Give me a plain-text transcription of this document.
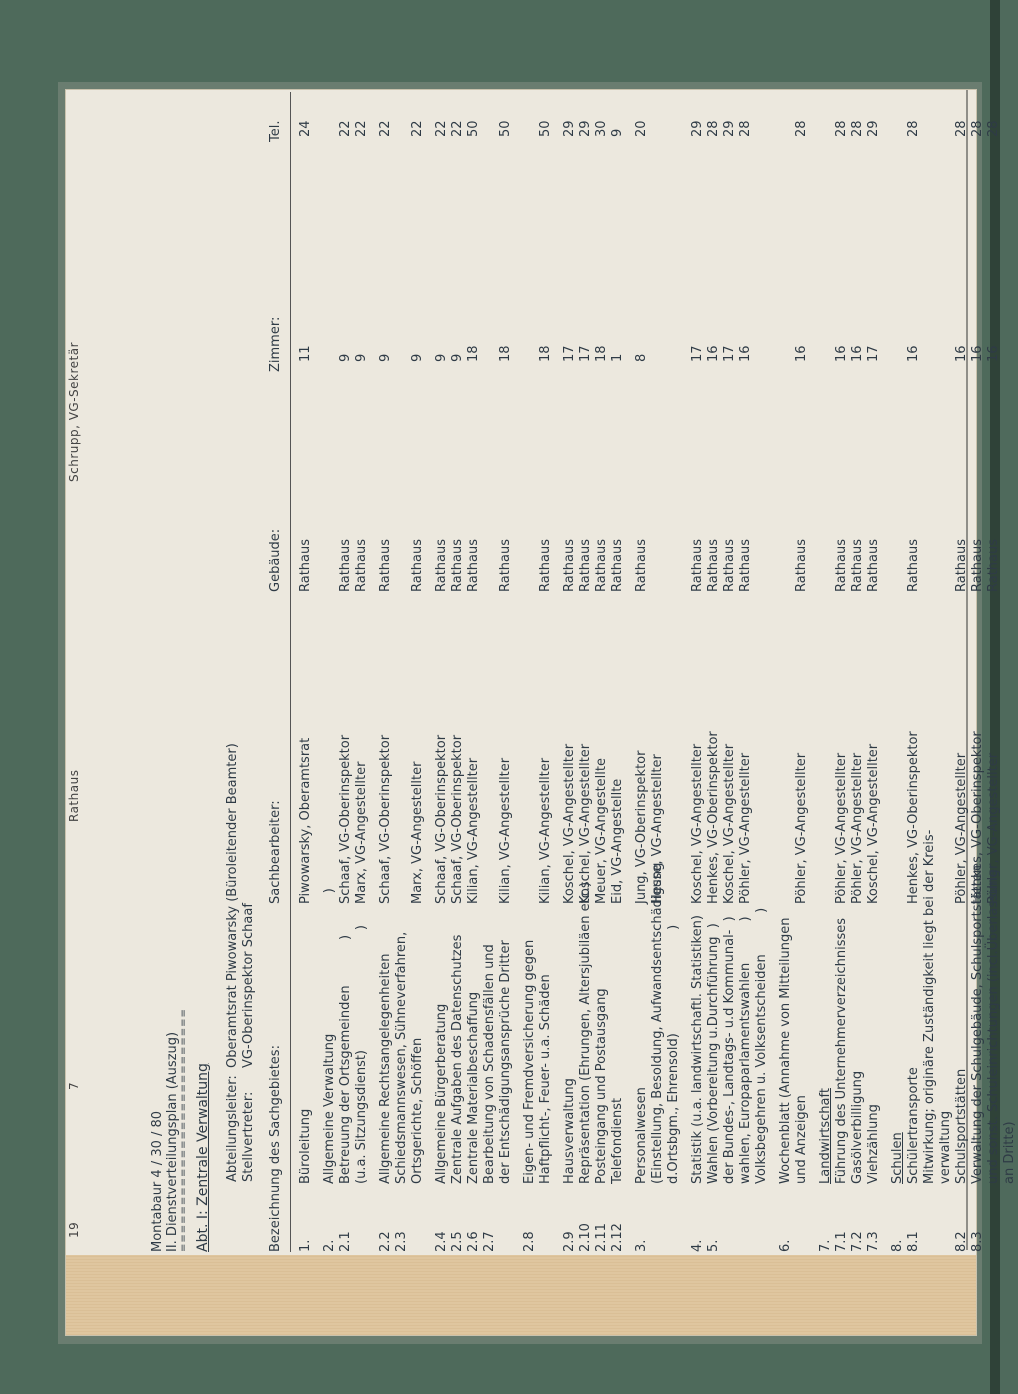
Schrupp, VG-Sekretär
Rathaus
7
19	Montabaur 4 / 30 / 80 II. Dienstverteilungsplan (Auszug)
========================== Abt. I: Zentrale Verwaltung Abteilungsleiter:Oberamtsrat Piwowarsky (Büroleitender Beamter)
Stellvertreter:VG-Oberinspektor Schaaf
Bezeichnung des Sachgebietes:
Sachbearbeiter:
Gebäude:
Zimmer:
Tel.
1.
Büroleitung
Piwowarsky, Oberamtsrat
Rathaus
11
24
2.
Allgemeine Verwaltung                                  )
2.1
Betreuung der Ortsgemeinden           )
Schaaf, VG-Oberinspektor
Rathaus
9
22
(u.a. Sitzungsdienst)                             )
Marx, VG-Angestellter
Rathaus
9
22
2.2
Allgemeine Rechtsangelegenheiten
Schaaf, VG-Oberinspektor
Rathaus
9
22
2.3
Schiedsmannswesen, Sühneverfahren, Ortsgerichte, Schöffen
Marx, VG-Angestellter
Rathaus
9
22
2.4
Allgemeine Bürgerberatung
Schaaf, VG-Oberinspektor
Rathaus
9
22
2.5
Zentrale Aufgaben des Datenschutzes
Schaaf, VG-Oberinspektor
Rathaus
9
22
2.6
Zentrale Materialbeschaffung
Kilian, VG-Angestellter
Rathaus
18
50
2.7
Bearbeitung von Schadensfällen und der Entschädigungsansprüche Dritter
Kilian, VG-Angestellter
Rathaus
18
50
2.8
Eigen- und Fremdversicherung gegen Haftpflicht-, Feuer- u.a. Schäden
Kilian, VG-Angestellter
Rathaus
18
50
2.9
Hausverwaltung
Koschel, VG-Angestellter
Rathaus
17
29
2.10
Repräsentation (Ehrungen, Altersjubiläen etc.)
Koschel, VG-Angestellter
Rathaus
17
29
2.11
Posteingang und Postausgang
Meuer, VG-Angestellte
Rathaus
18
30
2.12
Telefondienst
Eid, VG-Angestellte
Rathaus
1
9
3.
Personalwesen
Jung, VG-Oberinspektor
Rathaus
8
20
(Einstellung, Besoldung, Aufwandsentschädigung
Hesse, VG-Angestellter
d.Ortsbgm., Ehrensold)                         )
4.
Statistik (u.a. landwirtschaftl. Statistiken)
Koschel, VG-Angestellter
Rathaus
17
29
5.
Wahlen (Vorbereitung u.Durchführung  )
Henkes, VG-Oberinspektor
Rathaus
16
28
der Bundes-, Landtags- u.d Kommunal-  )
Koschel, VG-Angestellter
Rathaus
17
29
wahlen, Europaparlamentswahlen          )
Pöhler, VG-Angestellter
Rathaus
16
28
Volksbegehren u. Volksentscheiden          )
6.
Wochenblatt (Annahme von Mitteilungen und Anzeigen
Pöhler, VG-Angestellter
Rathaus
16
28
7.
Landwirtschaft
7.1
Führung des Unternehmerverzeichnisses
Pöhler, VG-Angestellter
Rathaus
16
28
7.2
Gasölverbilligung
Pöhler, VG-Angestellter
Rathaus
16
28
7.3
Viehzählung
Koschel, VG-Angestellter
Rathaus
17
29
8.
Schulen
8.1
Schülertransporte
Henkes, VG-Oberinspektor
Rathaus
16
28
Mitwirkung; originäre Zuständigkeit liegt bei der Kreis- verwaltung
8.2
Schulsportstätten
Pöhler, VG-Angestellter
Rathaus
16
28
8.3
Verwaltung der Schulgebäude, Schulsportstätten
Henkes, VG-Oberinspektor
Rathaus
16
28
und sonst. Schuleinrichtungen (incl.Überlassung
Pöhler, VG-Angestellter
Rathaus
16
28
an Dritte)
